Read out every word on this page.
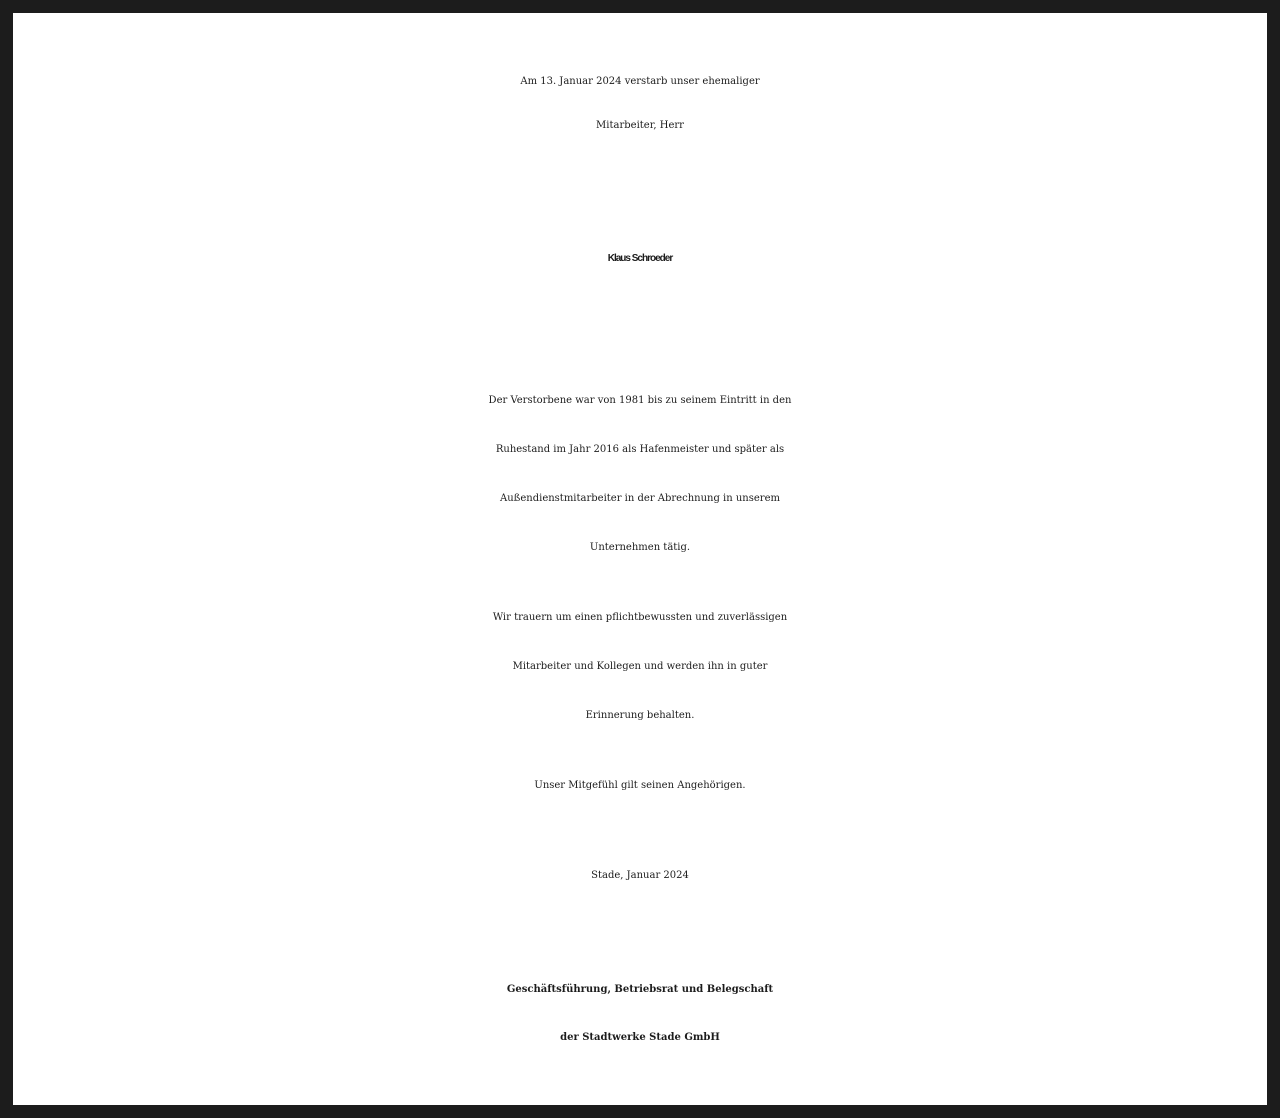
Am 13. Januar 2024 verstarb unser ehemaliger

Mitarbeiter, Herr

Klaus Schroeder

Der Verstorbene war von 1981 bis zu seinem Eintritt in den

Ruhestand im Jahr 2016 als Hafenmeister und später als

Außendienstmitarbeiter in der Abrechnung in unserem

Unternehmen tätig.

Wir trauern um einen pflichtbewussten und zuverlässigen

Mitarbeiter und Kollegen und werden ihn in guter

Erinnerung behalten.

Unser Mitgefühl gilt seinen Angehörigen.

Stade, Januar 2024

Geschäftsführung, Betriebsrat und Belegschaft

der Stadtwerke Stade GmbH
